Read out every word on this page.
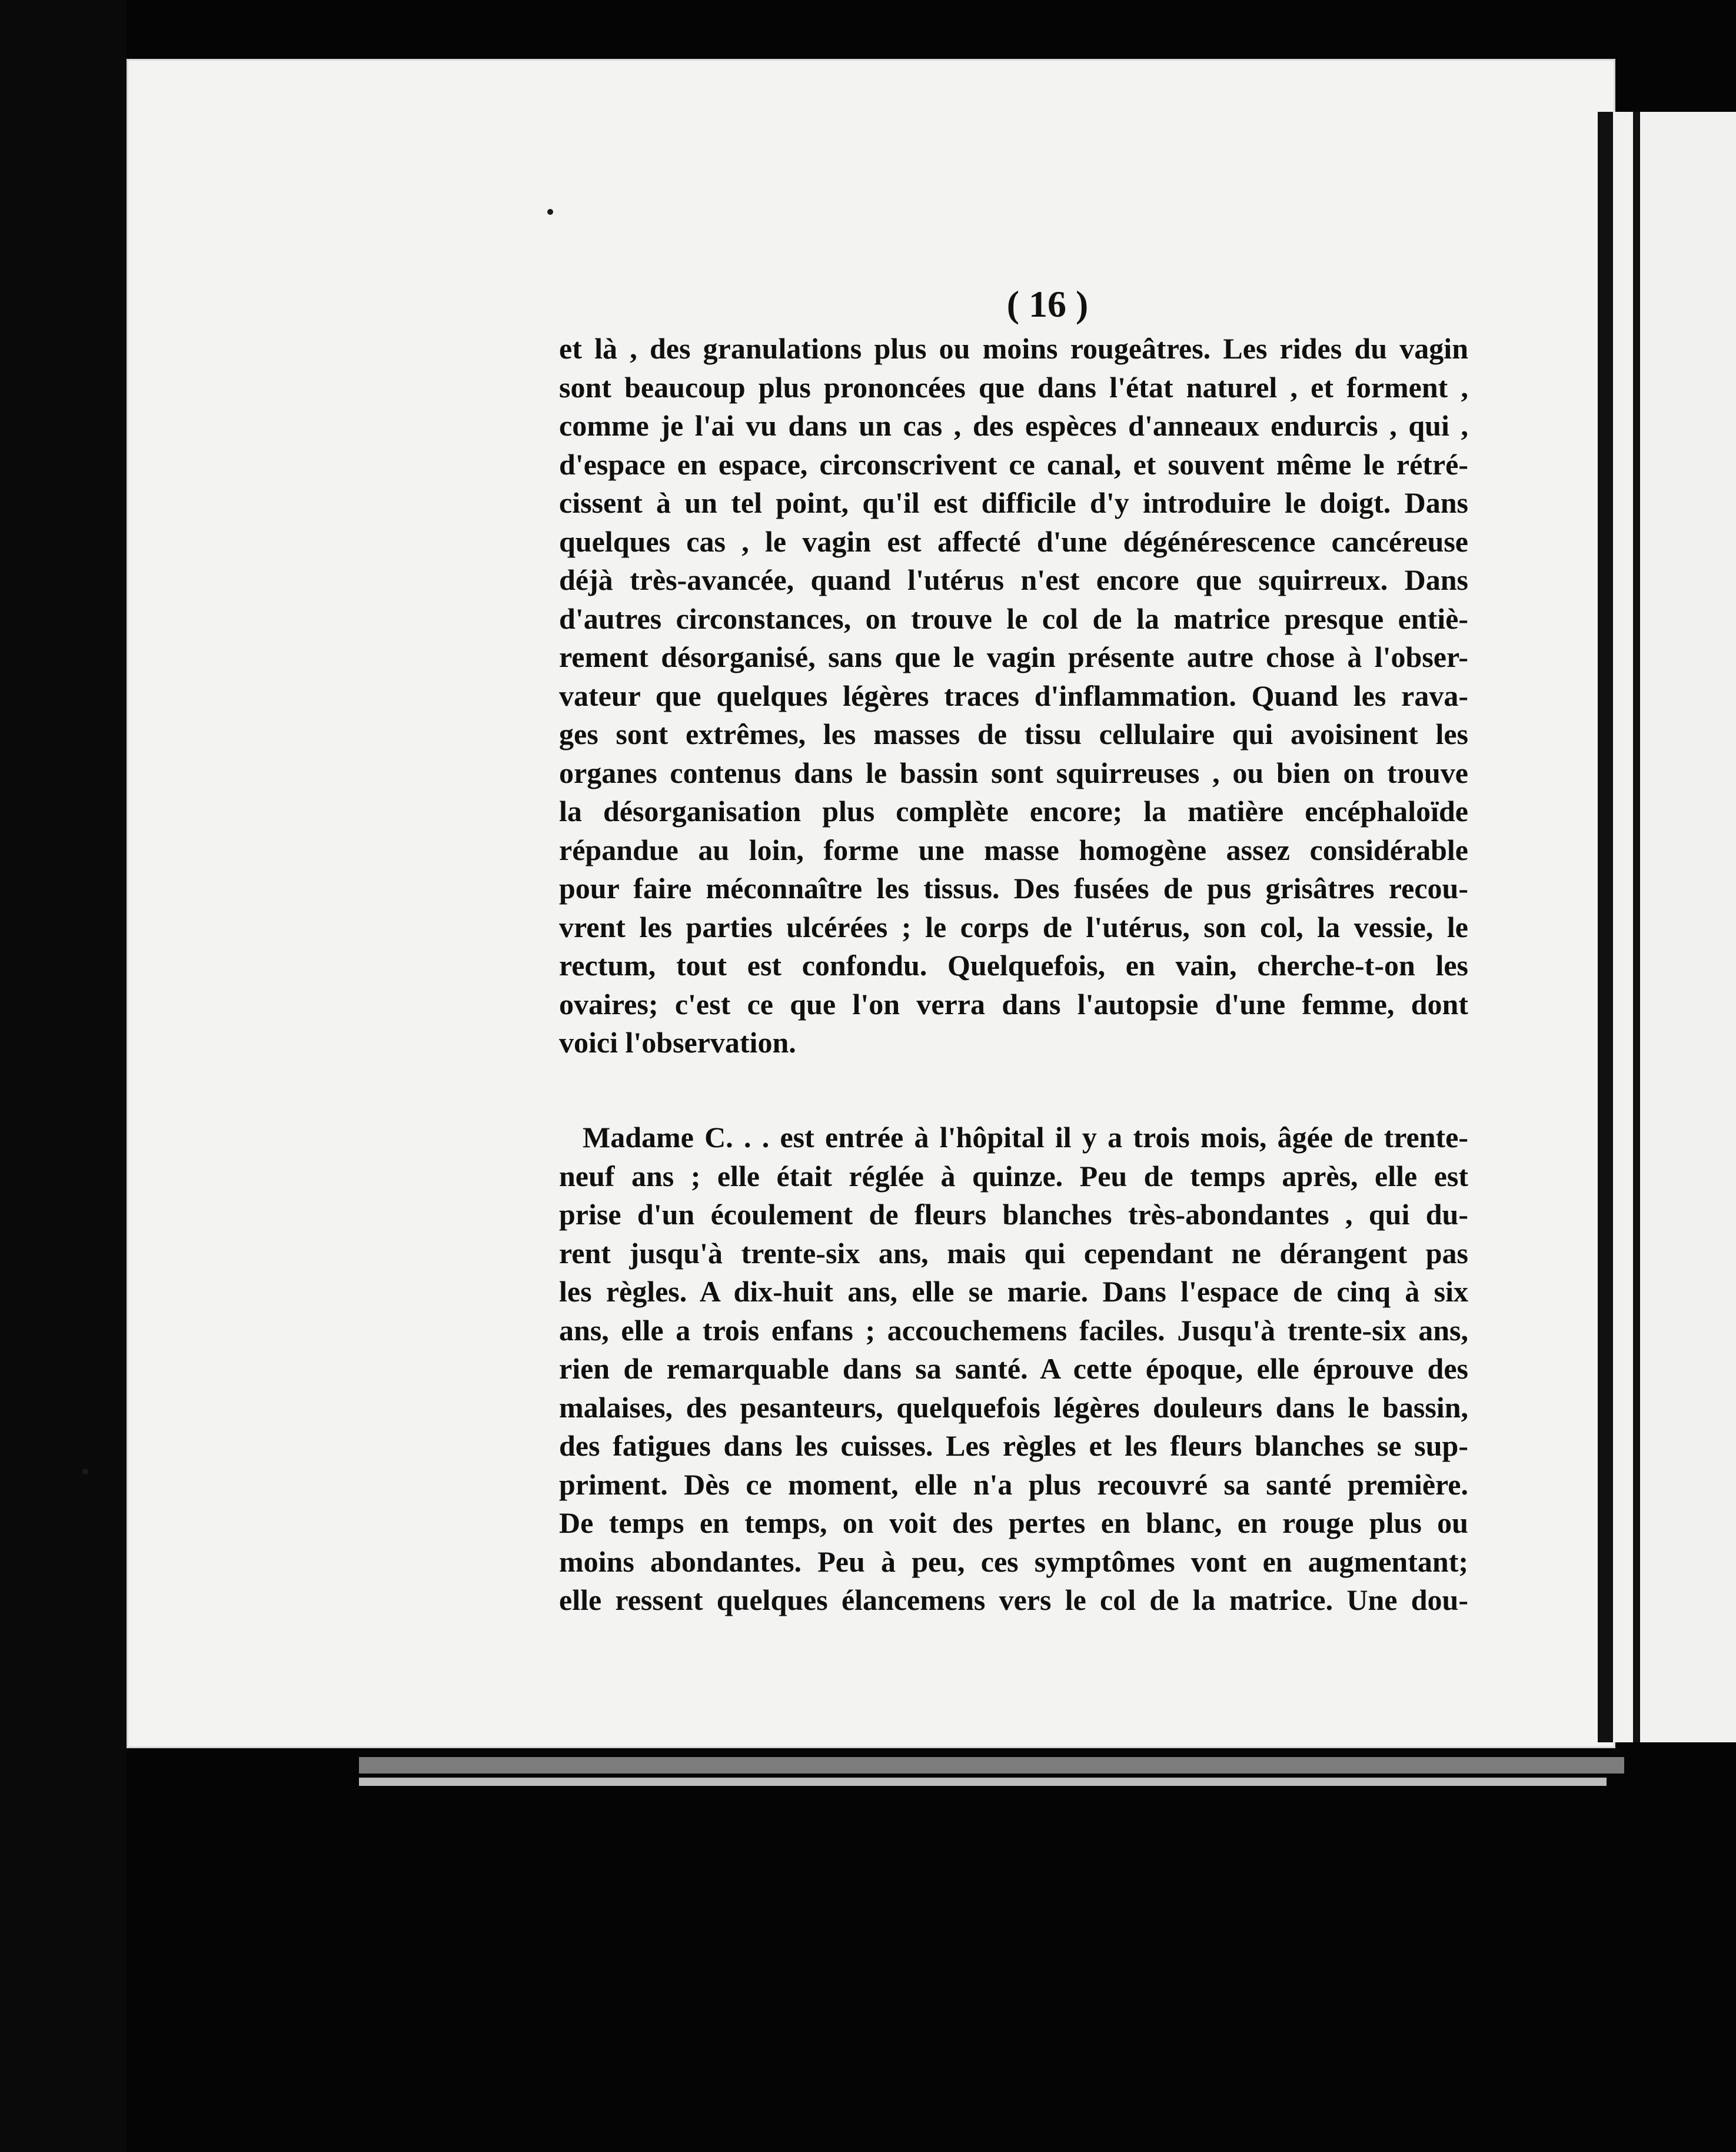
( 16 )
et là , des granulations plus ou moins rougeâtres. Les rides du vagin
sont beaucoup plus prononcées que dans l'état naturel , et forment ,
comme je l'ai vu dans un cas , des espèces d'anneaux endurcis , qui ,
d'espace en espace, circonscrivent ce canal, et souvent même le rétré-
cissent à un tel point, qu'il est difficile d'y introduire le doigt. Dans
quelques cas , le vagin est affecté d'une dégénérescence cancéreuse
déjà très-avancée, quand l'utérus n'est encore que squirreux. Dans
d'autres circonstances, on trouve le col de la matrice presque entiè-
rement désorganisé, sans que le vagin présente autre chose à l'obser-
vateur que quelques légères traces d'inflammation. Quand les rava-
ges sont extrêmes, les masses de tissu cellulaire qui avoisinent les
organes contenus dans le bassin sont squirreuses , ou bien on trouve
la désorganisation plus complète encore; la matière encéphaloïde
répandue au loin, forme une masse homogène assez considérable
pour faire méconnaître les tissus. Des fusées de pus grisâtres recou-
vrent les parties ulcérées ; le corps de l'utérus, son col, la vessie, le
rectum, tout est confondu. Quelquefois, en vain, cherche-t-on les
ovaires; c'est ce que l'on verra dans l'autopsie d'une femme, dont
voici l'observation.
Madame C. . . est entrée à l'hôpital il y a trois mois, âgée de trente-
neuf ans ; elle était réglée à quinze. Peu de temps après, elle est
prise d'un écoulement de fleurs blanches très-abondantes , qui du-
rent jusqu'à trente-six ans, mais qui cependant ne dérangent pas
les règles. A dix-huit ans, elle se marie. Dans l'espace de cinq à six
ans, elle a trois enfans ; accouchemens faciles. Jusqu'à trente-six ans,
rien de remarquable dans sa santé. A cette époque, elle éprouve des
malaises, des pesanteurs, quelquefois légères douleurs dans le bassin,
des fatigues dans les cuisses. Les règles et les fleurs blanches se sup-
priment. Dès ce moment, elle n'a plus recouvré sa santé première.
De temps en temps, on voit des pertes en blanc, en rouge plus ou
moins abondantes. Peu à peu, ces symptômes vont en augmentant;
elle ressent quelques élancemens vers le col de la matrice. Une dou-
